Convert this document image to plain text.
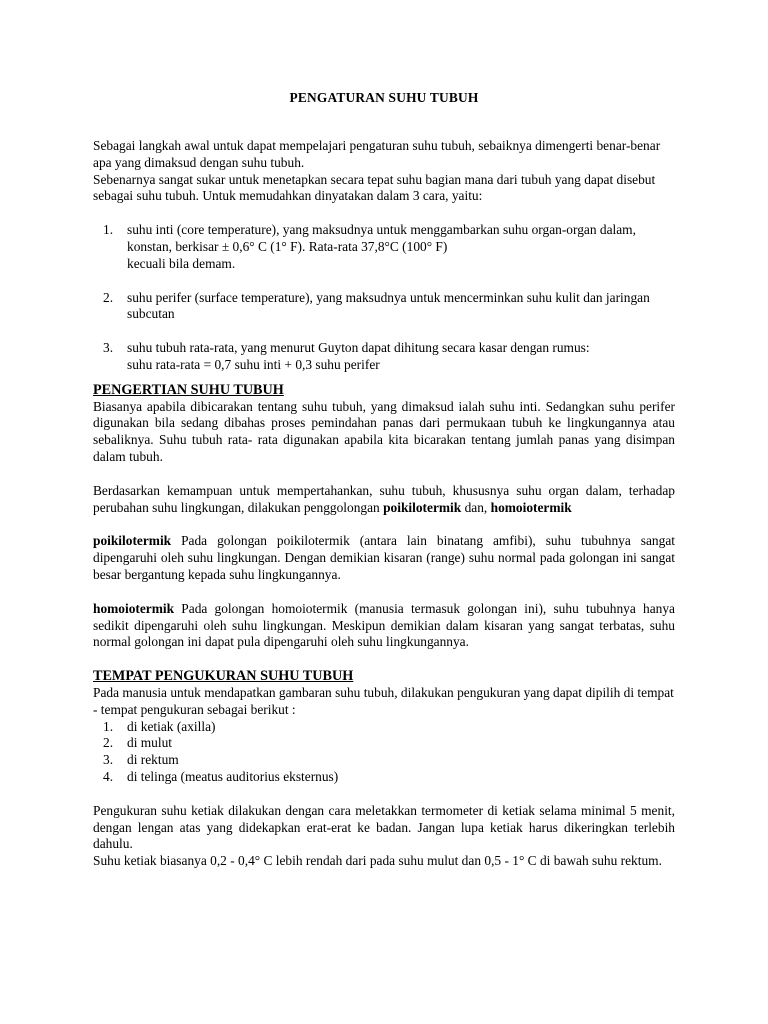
PENGATURAN SUHU TUBUH

Sebagai langkah awal untuk dapat mempelajari pengaturan suhu tubuh, sebaiknya dimengerti benar-benar apa yang dimaksud dengan suhu tubuh.

Sebenarnya sangat sukar untuk menetapkan secara tepat suhu bagian mana dari tubuh yang dapat disebut sebagai suhu tubuh. Untuk memudahkan dinyatakan dalam 3 cara, yaitu:

1.	suhu inti (core temperature), yang maksudnya untuk menggambarkan suhu organ-organ dalam, konstan, berkisar ± 0,6° C (1° F). Rata-rata 37,8°C (100° F)
kecuali bila demam.
2.	suhu perifer (surface temperature), yang maksudnya untuk mencerminkan suhu kulit dan jaringan subcutan
3.	suhu tubuh rata-rata, yang menurut Guyton dapat dihitung secara kasar dengan rumus:
suhu rata-rata = 0,7 suhu inti + 0,3 suhu perifer

PENGERTIAN SUHU TUBUH

Biasanya apabila dibicarakan tentang suhu tubuh, yang dimaksud ialah suhu inti. Sedangkan suhu perifer digunakan bila sedang dibahas proses pemindahan panas dari permukaan tubuh ke lingkungannya atau sebaliknya. Suhu tubuh rata- rata digunakan apabila kita bicarakan tentang jumlah panas yang disimpan dalam tubuh.

Berdasarkan kemampuan untuk mempertahankan, suhu tubuh, khususnya suhu organ dalam, terhadap perubahan suhu lingkungan, dilakukan penggolongan poikilotermik dan, homoiotermik

poikilotermik Pada golongan poikilotermik (antara lain binatang amfibi), suhu tubuhnya sangat dipengaruhi oleh suhu lingkungan. Dengan demikian kisaran (range) suhu normal pada golongan ini sangat besar bergantung kepada suhu lingkungannya.

homoiotermik Pada golongan homoiotermik (manusia termasuk golongan ini), suhu tubuhnya hanya sedikit dipengaruhi oleh suhu lingkungan. Meskipun demikian dalam kisaran yang sangat terbatas, suhu normal golongan ini dapat pula dipengaruhi oleh suhu lingkungannya.

TEMPAT PENGUKURAN SUHU TUBUH

Pada manusia untuk mendapatkan gambaran suhu tubuh, dilakukan pengukuran yang dapat dipilih di tempat - tempat pengukuran sebagai berikut :

1.	di ketiak (axilla)
2.	di mulut
3.	di rektum
4.	di telinga (meatus auditorius eksternus)

Pengukuran suhu ketiak dilakukan dengan cara meletakkan termometer di ketiak selama minimal 5 menit, dengan lengan atas yang didekapkan erat-erat ke badan. Jangan lupa ketiak harus dikeringkan terlebih dahulu.

Suhu ketiak biasanya 0,2 - 0,4° C lebih rendah dari pada suhu mulut dan 0,5 - 1° C di bawah suhu rektum.
